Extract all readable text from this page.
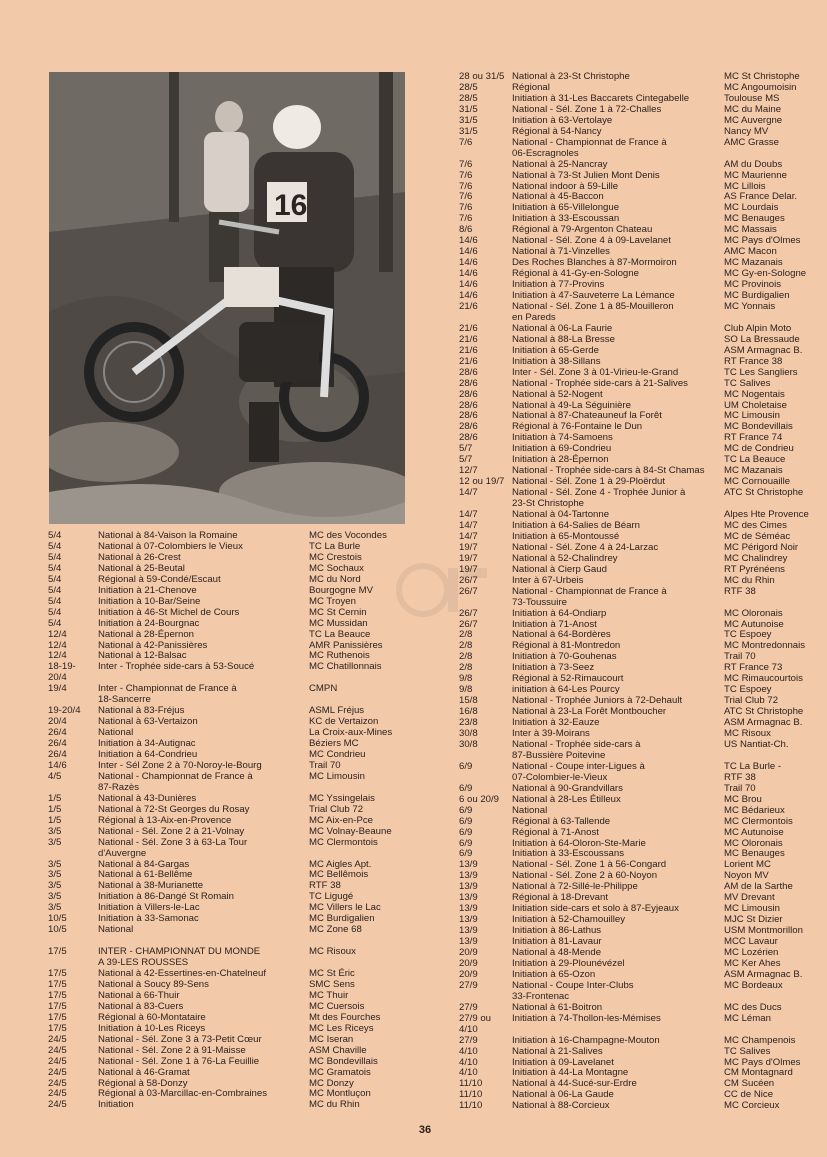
16
5/4	National à 84-Vaison la Romaine	MC des Vocondes
5/4	National à 07-Colombiers le Vieux	TC La Burle
5/4	National à 26-Crest	MC Crestois
5/4	National à 25-Beutal	MC Sochaux
5/4	Régional à 59-Condé/Escaut	MC du Nord
5/4	Initiation à 21-Chenove	Bourgogne MV
5/4	Initiation à 10-Bar/Seine	MC Troyen
5/4	Initiation à 46-St Michel de Cours	MC St Cernin
5/4	Initiation à 24-Bourgnac	MC Mussidan
12/4	National à 28-Épernon	TC La Beauce
12/4	National à 42-Panissières	AMR Panissières
12/4	National à 12-Balsac	MC Ruthenois
18-19-	Inter - Trophée side-cars à 53-Soucé	MC Chatillonnais
20/4
19/4	Inter - Championnat de France à	CMPN
18-Sancerre
19-20/4	National à 83-Fréjus	ASML Fréjus
20/4	National à 63-Vertaizon	KC de Vertaizon
26/4	National	La Croix-aux-Mines
26/4	Initiation à 34-Autignac	Béziers MC
26/4	Initiation à 64-Condrieu	MC Condrieu
14/6	Inter - Sél Zone 2 à 70-Noroy-le-Bourg	Trail 70
4/5	National - Championnat de France à	MC Limousin
87-Razès
1/5	National à 43-Dunières	MC Yssingelais
1/5	National à 72-St Georges du Rosay	Trial Club 72
1/5	Régional à 13-Aix-en-Provence	MC Aix-en-Pce
3/5	National - Sél. Zone 2 à 21-Volnay	MC Volnay-Beaune
3/5	National - Sél. Zone 3 à 63-La Tour	MC Clermontois
d'Auvergne
3/5	National à 84-Gargas	MC Aigles Apt.
3/5	National à 61-Bellême	MC Bellêmois
3/5	National à 38-Murianette	RTF 38
3/5	Initiation à 86-Dangé St Romain	TC Ligugé
3/5	Initiation à Villers-le-Lac	MC Villers le Lac
10/5	Initiation à 33-Samonac	MC Burdigalien
10/5	National	MC Zone 68
17/5	INTER - CHAMPIONNAT DU MONDE	MC Risoux
A 39-LES ROUSSES
17/5	National à 42-Essertines-en-Chatelneuf	MC St Éric
17/5	National à Soucy 89-Sens	SMC Sens
17/5	National à 66-Thuir	MC Thuir
17/5	National à 83-Cuers	MC Cuersois
17/5	Régional à 60-Montataire	Mt des Fourches
17/5	Initiation à 10-Les Riceys	MC Les Riceys
24/5	National - Sél. Zone 3 à 73-Petit Cœur	MC Iseran
24/5	National - Sél. Zone 2 à 91-Maisse	ASM Chaville
24/5	National - Sél. Zone 1 à 76-La Feuillie	MC Bondevillais
24/5	National à 46-Gramat	MC Gramatois
24/5	Régional à 58-Donzy	MC Donzy
24/5	Régional à 03-Marcillac-en-Combraines	MC Montluçon
24/5	Initiation	MC du Rhin
28 ou 31/5 National à 23-St Christophe	MC St Christophe
28/5	Régional	MC Angoumoisin
28/5	Initiation à 31-Les Baccarets Cintegabelle	Toulouse MS
31/5	National - Sél. Zone 1 à 72-Challes	MC du Maine
31/5	Initiation à 63-Vertolaye	MC Auvergne
31/5	Régional à 54-Nancy	Nancy MV
7/6	National - Championnat de France à	AMC Grasse
06-Escragnoles
7/6	National à 25-Nancray	AM du Doubs
7/6	National à 73-St Julien Mont Denis	MC Maurienne
7/6	National indoor à 59-Lille	MC Lillois
7/6	National à 45-Baccon	AS France Delar.
7/6	Initiation à 65-Villelongue	MC Lourdais
7/6	Initiation à 33-Escoussan	MC Benauges
8/6	Régional à 79-Argenton Chateau	MC Massais
14/6	National - Sél. Zone 4 à 09-Lavelanet	MC Pays d'Olmes
14/6	National à 71-Vinzelles	AMC Macon
14/6	Des Roches Blanches à 87-Mormoiron	MC Mazanais
14/6	Régional à 41-Gy-en-Sologne	MC Gy-en-Sologne
14/6	Initiation à 77-Provins	MC Provinois
14/6	Initiation à 47-Sauveterre La Lémance	MC Burdigalien
21/6	National - Sél. Zone 1 à 85-Mouilleron	MC Yonnais
en Pareds
21/6	National à 06-La Faurie	Club Alpin Moto
21/6	National à 88-La Bresse	SO La Bressaude
21/6	Initiation à 65-Gerde	ASM Armagnac B.
21/6	Initiation à 38-Sillans	RT France 38
28/6	Inter - Sél. Zone 3 à 01-Virieu-le-Grand	TC Les Sangliers
28/6	National - Trophée side-cars à 21-Salives	TC Salives
28/6	National à 52-Nogent	MC Nogentais
28/6	National à 49-La Séguinière	UM Choletaise
28/6	National à 87-Chateauneuf la Forêt	MC Limousin
28/6	Régional à 76-Fontaine le Dun	MC Bondevillais
28/6	Initiation à 74-Samoens	RT France 74
5/7	Initiation à 69-Condrieu	MC de Condrieu
5/7	Initiation à 28-Épernon	TC La Beauce
12/7	National - Trophée side-cars à 84-St Chamas	MC Mazanais
12 ou 19/7 National - Sél. Zone 1 à 29-Ploërdut	MC Cornouaille
14/7	National - Sél. Zone 4 - Trophée Junior à	ATC St Christophe
23-St Christophe
14/7	National à 04-Tartonne	Alpes Hte Provence
14/7	Initiation à 64-Salies de Béarn	MC des Cimes
14/7	Initiation à 65-Montoussé	MC de Séméac
19/7	National - Sél. Zone 4 à 24-Larzac	MC Périgord Noir
19/7	National à 52-Chalindrey	MC Chalindrey
19/7	National à Cierp Gaud	RT Pyrénéens
26/7	Inter à 67-Urbeis	MC du Rhin
26/7	National - Championnat de France à	RTF 38
73-Toussuire
26/7	Initiation à 64-Ondiarp	MC Oloronais
26/7	Initiation à 71-Anost	MC Autunoise
2/8	National à 64-Bordères	TC Espoey
2/8	Régional à 81-Montredon	MC Montredonnais
2/8	Initiation à 70-Gouhenas	Trail 70
2/8	Initiation à 73-Seez	RT France 73
9/8	Régional à 52-Rimaucourt	MC Rimaucourtois
9/8	initiation à 64-Les Pourcy	TC Espoey
15/8	National - Trophée Juniors à 72-Dehault	Trial Club 72
16/8	National à 23-La Forêt Montboucher	ATC St Christophe
23/8	Initiation à 32-Eauze	ASM Armagnac B.
30/8	Inter à 39-Moirans	MC Risoux
30/8	National - Trophée side-cars à	US Nantiat-Ch.
87-Bussière Poitevine
6/9	National - Coupe inter-Ligues à	TC La Burle -
07-Colombier-le-Vieux	RTF 38
6/9	National à 90-Grandvillars	Trail 70
6 ou 20/9	National à 28-Les Étilleux	MC Brou
6/9	National	MC Bédarieux
6/9	Régional à 63-Tallende	MC Clermontois
6/9	Régional à 71-Anost	MC Autunoise
6/9	Initiation à 64-Oloron-Ste-Marie	MC Oloronais
6/9	Initiation à 33-Escoussans	MC Benauges
13/9	National - Sél. Zone 1 à 56-Congard	Lorient MC
13/9	National - Sél. Zone 2 à 60-Noyon	Noyon MV
13/9	National à 72-Sillé-le-Philippe	AM de la Sarthe
13/9	Régional à 18-Drevant	MV Drevant
13/9	Initiation side-cars et solo à 87-Eyjeaux	MC Limousin
13/9	Initiation à 52-Chamouilley	MJC St Dizier
13/9	Initiation à 86-Lathus	USM Montmorillon
13/9	Initiation à 81-Lavaur	MCC Lavaur
20/9	National à 48-Mende	MC Lozérien
20/9	Initiation à 29-Plounévézel	MC Ker Ahes
20/9	Initiation à 65-Ozon	ASM Armagnac B.
27/9	National - Coupe Inter-Clubs	MC Bordeaux
33-Frontenac
27/9	National à 61-Boitron	MC des Ducs
27/9 ou	Initiation à 74-Thollon-les-Mémises	MC Léman
4/10
27/9	Initiation à 16-Champagne-Mouton	MC Champenois
4/10	National à 21-Salives	TC Salives
4/10	Initiation à 09-Lavelanet	MC Pays d'Olmes
4/10	Initiation à 44-La Montagne	CM Montagnard
11/10	National à 44-Sucé-sur-Erdre	CM Sucéen
11/10	National à 06-La Gaude	CC de Nice
11/10	National à 88-Corcieux	MC Corcieux
36
